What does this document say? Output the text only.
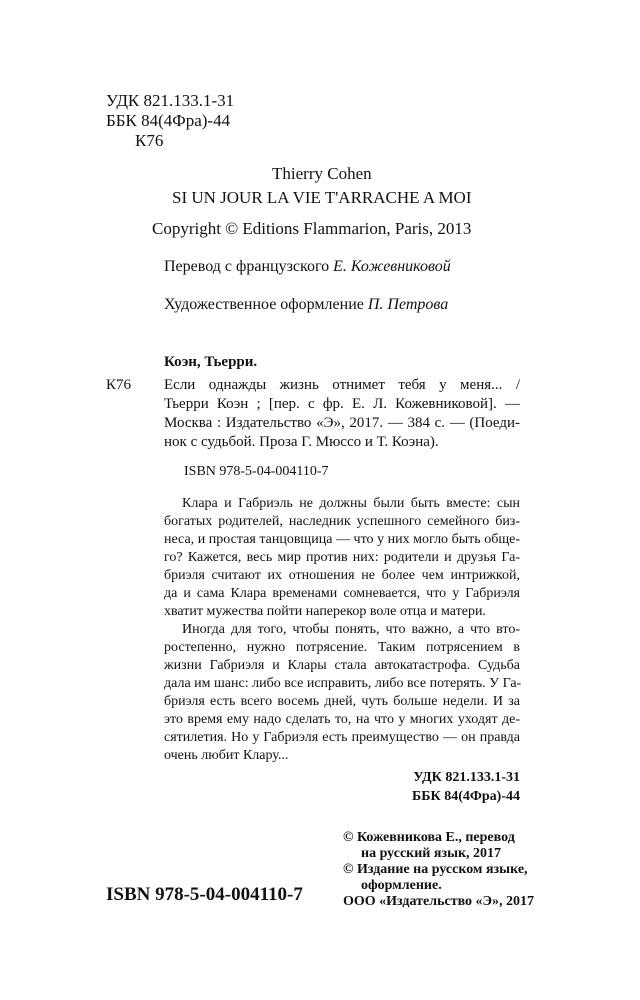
УДК 821.133.1-31
ББК 84(4Фра)-44
К76
Thierry Cohen
SI UN JOUR LA VIE T'ARRACHE A MOI
Copyright © Editions Flammarion, Paris, 2013
Перевод с французского Е. Кожевниковой
Художественное оформление П. Петрова
Коэн, Тьерри.
К76 Если однажды жизнь отнимет тебя у меня... /
Тьерри Коэн ; [пер. с фр. Е. Л. Кожевниковой]. —
Москва : Издательство «Э», 2017. — 384 с. — (Поеди-
нок с судьбой. Проза Г. Мюссо и Т. Коэна).
ISBN 978-5-04-004110-7
Клара и Габриэль не должны были быть вместе: сын
богатых родителей, наследник успешного семейного биз-
неса, и простая танцовщица — что у них могло быть обще-
го? Кажется, весь мир против них: родители и друзья Га-
бриэля считают их отношения не более чем интрижкой,
да и сама Клара временами сомневается, что у Габриэля
хватит мужества пойти наперекор воле отца и матери.
Иногда для того, чтобы понять, что важно, а что вто-
ростепенно, нужно потрясение. Таким потрясением в
жизни Габриэля и Клары стала автокатастрофа. Судьба
дала им шанс: либо все исправить, либо все потерять. У Га-
бриэля есть всего восемь дней, чуть больше недели. И за
это время ему надо сделать то, на что у многих уходят де-
сятилетия. Но у Габриэля есть преимущество — он правда
очень любит Клару...
УДК 821.133.1-31
ББК 84(4Фра)-44
© Кожевникова Е., перевод
на русский язык, 2017
© Издание на русском языке,
оформление.
ООО «Издательство «Э», 2017
ISBN 978-5-04-004110-7
